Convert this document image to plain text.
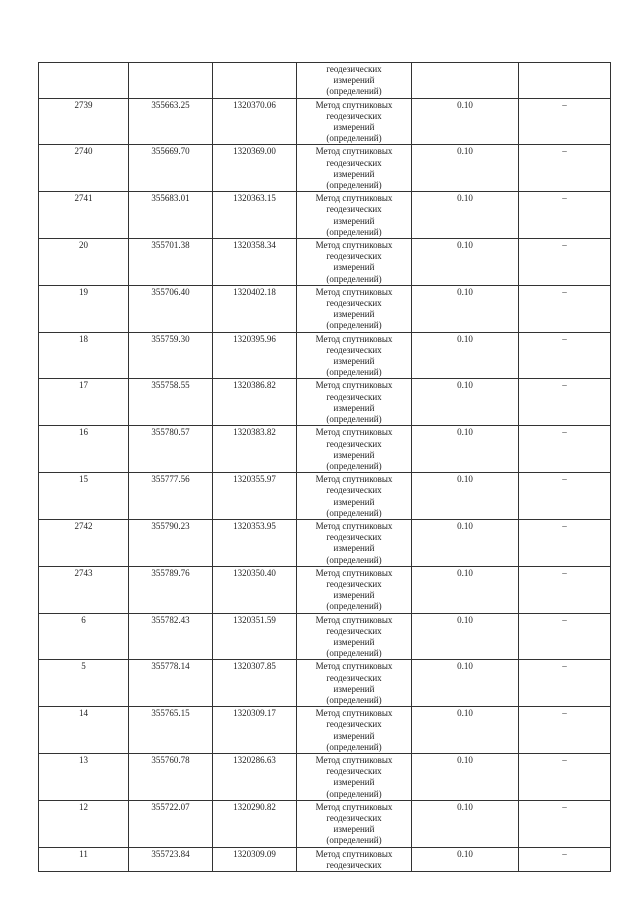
			геодезических
измерений
(определений)		

2739	355663.25	1320370.06	Метод спутниковых
геодезических
измерений
(определений)	0.10	–
2740	355669.70	1320369.00	Метод спутниковых
геодезических
измерений
(определений)	0.10	–
2741	355683.01	1320363.15	Метод спутниковых
геодезических
измерений
(определений)	0.10	–
20	355701.38	1320358.34	Метод спутниковых
геодезических
измерений
(определений)	0.10	–
19	355706.40	1320402.18	Метод спутниковых
геодезических
измерений
(определений)	0.10	–
18	355759.30	1320395.96	Метод спутниковых
геодезических
измерений
(определений)	0.10	–
17	355758.55	1320386.82	Метод спутниковых
геодезических
измерений
(определений)	0.10	–
16	355780.57	1320383.82	Метод спутниковых
геодезических
измерений
(определений)	0.10	–
15	355777.56	1320355.97	Метод спутниковых
геодезических
измерений
(определений)	0.10	–
2742	355790.23	1320353.95	Метод спутниковых
геодезических
измерений
(определений)	0.10	–
2743	355789.76	1320350.40	Метод спутниковых
геодезических
измерений
(определений)	0.10	–
6	355782.43	1320351.59	Метод спутниковых
геодезических
измерений
(определений)	0.10	–
5	355778.14	1320307.85	Метод спутниковых
геодезических
измерений
(определений)	0.10	–
14	355765.15	1320309.17	Метод спутниковых
геодезических
измерений
(определений)	0.10	–
13	355760.78	1320286.63	Метод спутниковых
геодезических
измерений
(определений)	0.10	–
12	355722.07	1320290.82	Метод спутниковых
геодезических
измерений
(определений)	0.10	–
11	355723.84	1320309.09	Метод спутниковых
геодезических	0.10	–
